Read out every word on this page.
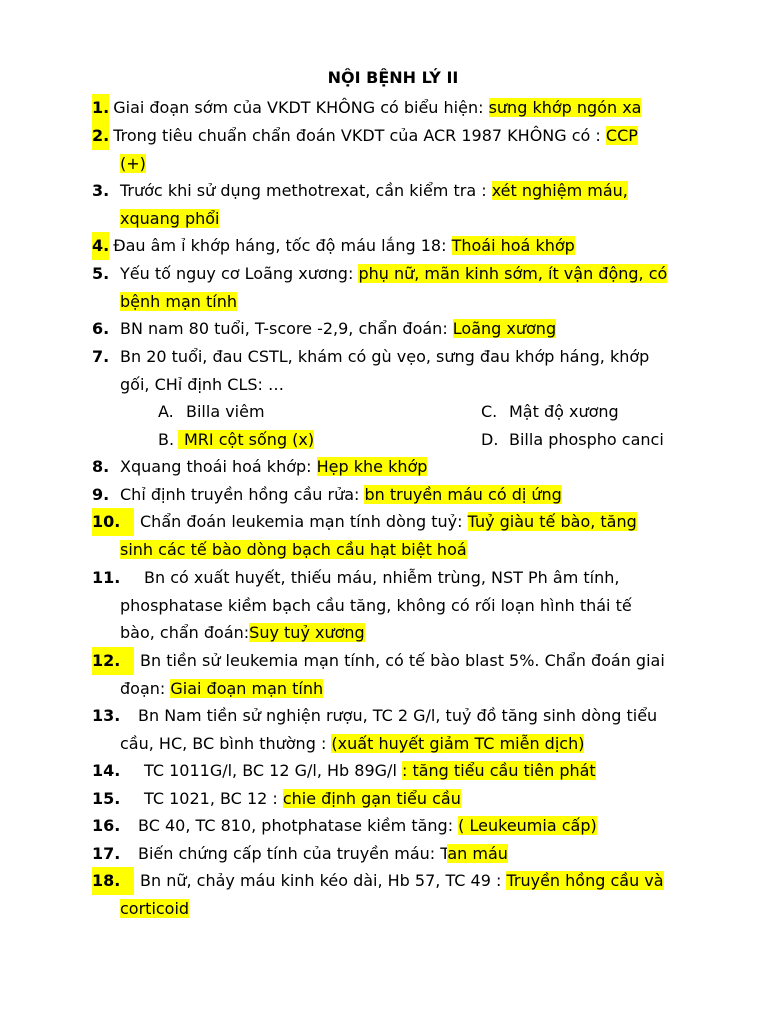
NỘI BỆNH LÝ II
1. Giai đoạn sớm của VKDT KHÔNG có biểu hiện: sưng khớp ngón xa
2. Trong tiêu chuẩn chẩn đoán VKDT của ACR 1987 KHÔNG có : CCP
(+)
3. Trước khi sử dụng methotrexat, cần kiểm tra : xét nghiệm máu,
xquang phổi
4. Đau âm ỉ khớp háng, tốc độ máu lắng 18: Thoái hoá khớp
5. Yếu tố nguy cơ Loãng xương: phụ nữ, mãn kinh sớm, ít vận động, có
bệnh mạn tính
6. BN nam 80 tuổi, T-score -2,9, chẩn đoán: Loãng xương
7. Bn 20 tuổi, đau CSTL, khám có gù vẹo, sưng đau khớp háng, khớp
gối, CHỉ định CLS: …
A. Billa viêm	C. Mật độ xương
B. MRI cột sống (x)	D. Billa phospho canci
8. Xquang thoái hoá khớp: Hẹp khe khớp
9. Chỉ định truyền hồng cầu rửa: bn truyền máu có dị ứng
10. Chẩn đoán leukemia mạn tính dòng tuỷ: Tuỷ giàu tế bào, tăng
sinh các tế bào dòng bạch cầu hạt biệt hoá
11. Bn có xuất huyết, thiếu máu, nhiễm trùng, NST Ph âm tính,
phosphatase kiềm bạch cầu tăng, không có rối loạn hình thái tế
bào, chẩn đoán:Suy tuỷ xương
12. Bn tiền sử leukemia mạn tính, có tế bào blast 5%. Chẩn đoán giai
đoạn: Giai đoạn mạn tính
13. Bn Nam tiền sử nghiện rượu, TC 2 G/l, tuỷ đồ tăng sinh dòng tiểu
cầu, HC, BC bình thường : (xuất huyết giảm TC miễn dịch)
14. TC 1011G/l, BC 12 G/l, Hb 89G/l : tăng tiểu cầu tiên phát
15. TC 1021, BC 12 : chie định gạn tiểu cầu
16. BC 40, TC 810, photphatase kiềm tăng: ( Leukeumia cấp)
17. Biến chứng cấp tính của truyền máu: Tan máu
18. Bn nữ, chảy máu kinh kéo dài, Hb 57, TC 49 : Truyền hồng cầu và
corticoid
